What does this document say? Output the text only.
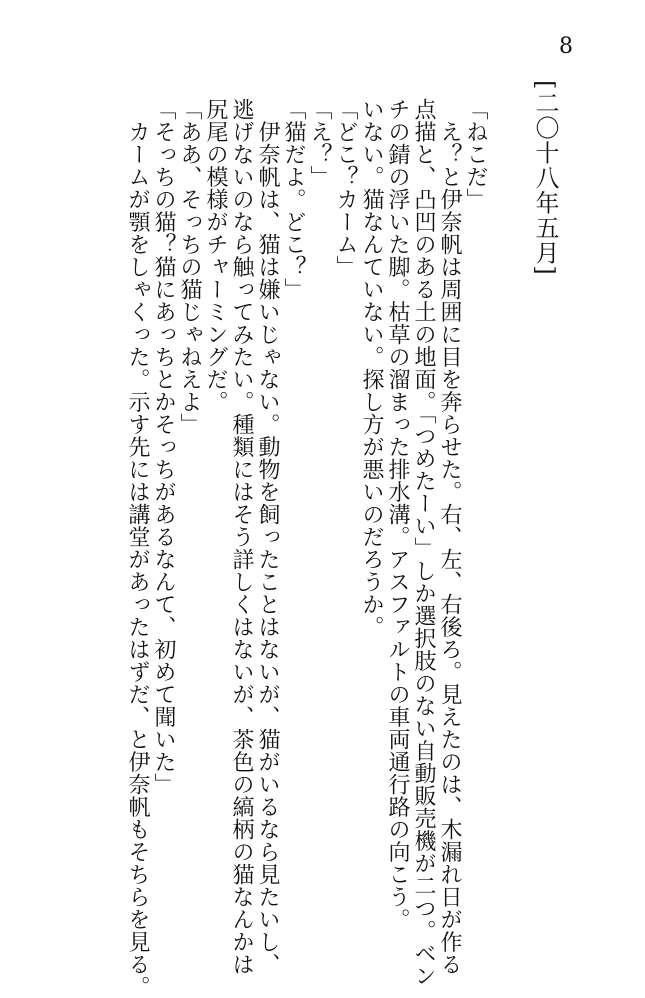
8
[二〇十八年五月]
「ねこだ」
　え？と伊奈帆は周囲に目を奔らせた。右、左、右後ろ。見えたのは、木漏れ日が作る
点描と、凸凹のある土の地面。「つめたーい」しか選択肢のない自動販売機が二つ。ベン
チの錆の浮いた脚。枯草の溜まった排水溝。アスファルトの車両通行路の向こう。
いない。猫なんていない。探し方が悪いのだろうか。
「どこ？カーム」
「え？」
「猫だよ。どこ？」
　伊奈帆は、猫は嫌いじゃない。動物を飼ったことはないが、猫がいるなら見たいし、
逃げないのなら触ってみたい。種類にはそう詳しくはないが、茶色の縞柄の猫なんかは
尻尾の模様がチャーミングだ。
「ああ、そっちの猫じゃねえよ」
「そっちの猫？猫にあっちとかそっちがあるなんて、初めて聞いた」
　カームが顎をしゃくった。示す先には講堂があったはずだ、と伊奈帆もそちらを見る。
